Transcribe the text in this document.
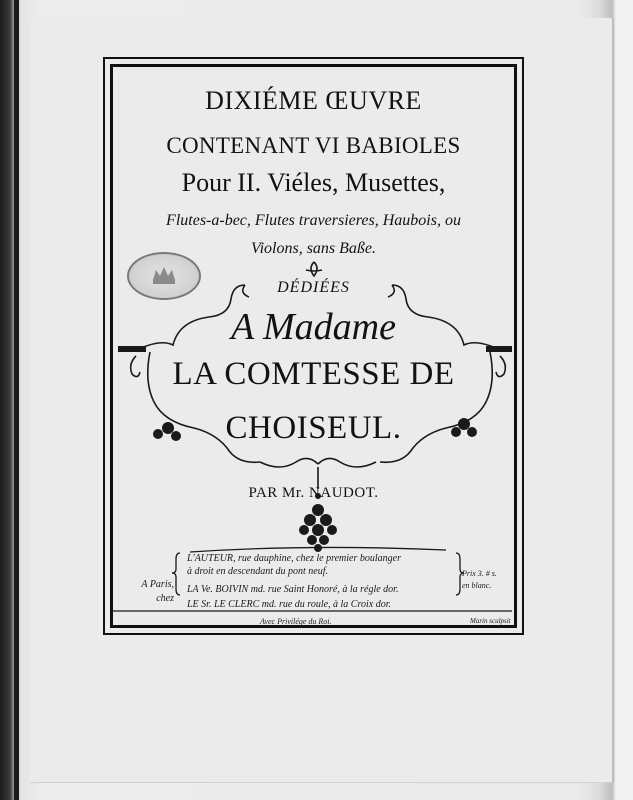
DIXIÉME ŒUVRE
CONTENANT VI BABIOLES
Pour II. Viéles, Musettes,
Flutes-a-bec, Flutes traversieres, Haubois, ou
Violons, sans Baße.
DÉDIÉES
A Madame
LA COMTESSE DE
CHOISEUL.
PAR Mr. NAUDOT.
A Paris,
chez
L'AUTEUR, rue dauphine, chez le premier boulanger
à droit en descendant du pont neuf.
LA Ve. BOIVIN md. rue Saint Honoré, à la régle dor.
LE Sr. LE CLERC md. rue du roule, à la Croix dor.
Prix 3. # s.
en blanc.
Avec Privilége du Roi.	Marin sculpsit
